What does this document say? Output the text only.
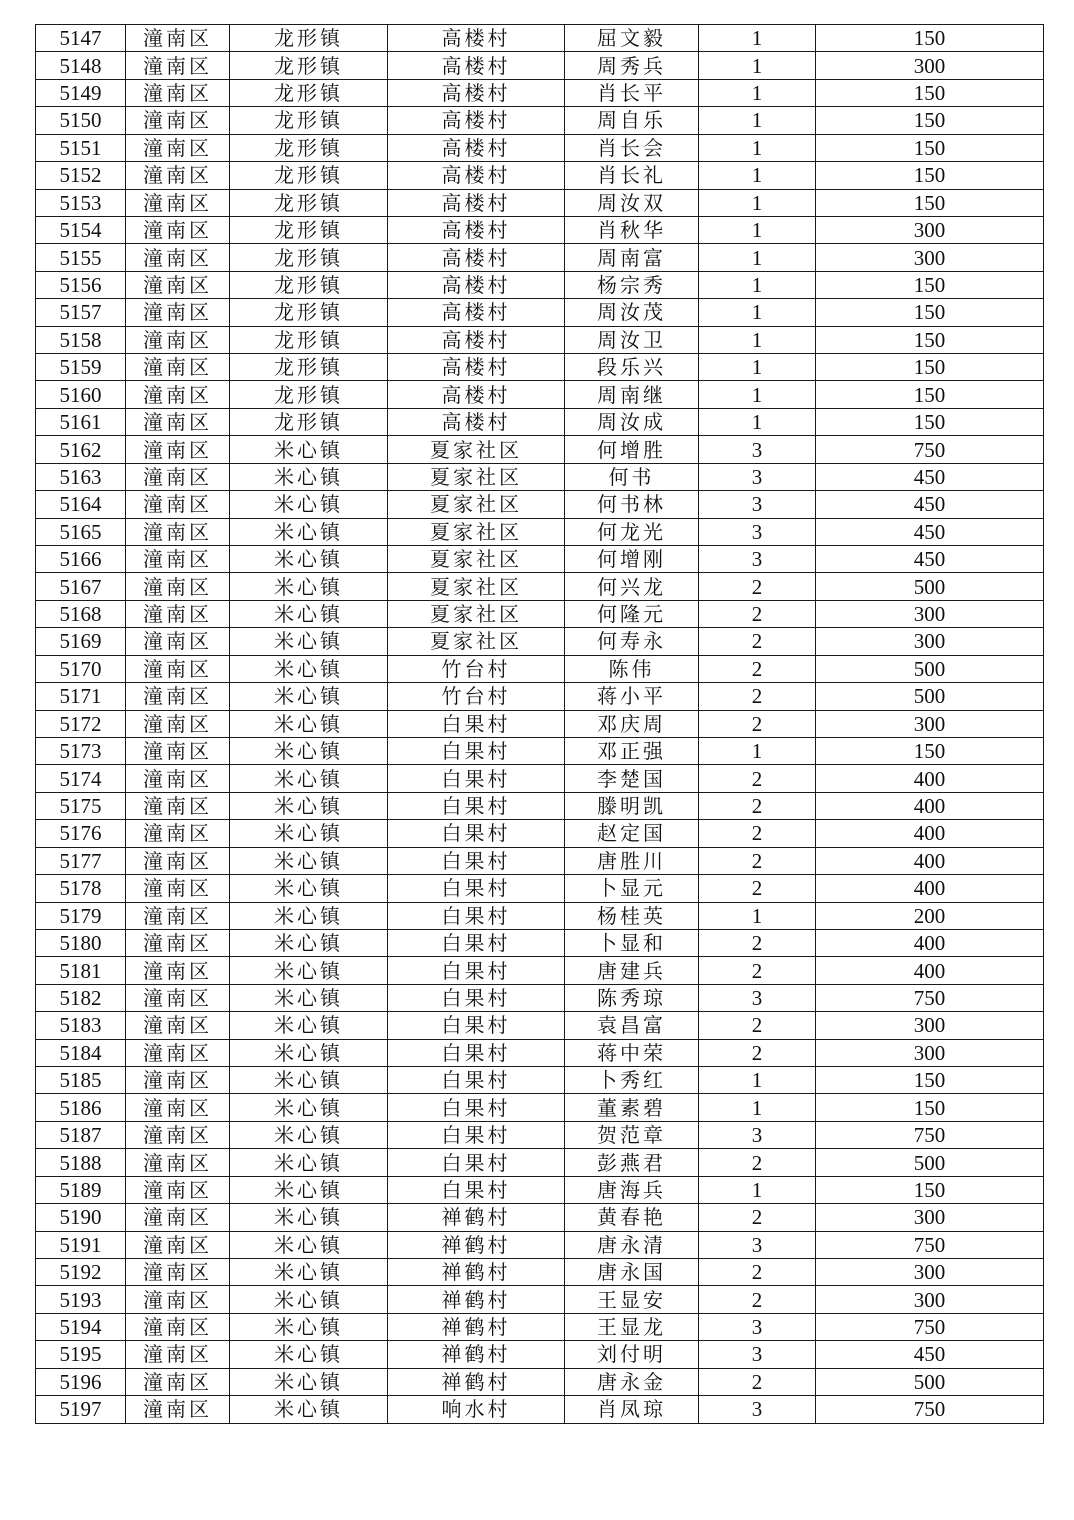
5147	潼南区	龙形镇	高楼村	屈文毅	1	150
5148	潼南区	龙形镇	高楼村	周秀兵	1	300
5149	潼南区	龙形镇	高楼村	肖长平	1	150
5150	潼南区	龙形镇	高楼村	周自乐	1	150
5151	潼南区	龙形镇	高楼村	肖长会	1	150
5152	潼南区	龙形镇	高楼村	肖长礼	1	150
5153	潼南区	龙形镇	高楼村	周汝双	1	150
5154	潼南区	龙形镇	高楼村	肖秋华	1	300
5155	潼南区	龙形镇	高楼村	周南富	1	300
5156	潼南区	龙形镇	高楼村	杨宗秀	1	150
5157	潼南区	龙形镇	高楼村	周汝茂	1	150
5158	潼南区	龙形镇	高楼村	周汝卫	1	150
5159	潼南区	龙形镇	高楼村	段乐兴	1	150
5160	潼南区	龙形镇	高楼村	周南继	1	150
5161	潼南区	龙形镇	高楼村	周汝成	1	150
5162	潼南区	米心镇	夏家社区	何增胜	3	750
5163	潼南区	米心镇	夏家社区	何书	3	450
5164	潼南区	米心镇	夏家社区	何书林	3	450
5165	潼南区	米心镇	夏家社区	何龙光	3	450
5166	潼南区	米心镇	夏家社区	何增刚	3	450
5167	潼南区	米心镇	夏家社区	何兴龙	2	500
5168	潼南区	米心镇	夏家社区	何隆元	2	300
5169	潼南区	米心镇	夏家社区	何寿永	2	300
5170	潼南区	米心镇	竹台村	陈伟	2	500
5171	潼南区	米心镇	竹台村	蒋小平	2	500
5172	潼南区	米心镇	白果村	邓庆周	2	300
5173	潼南区	米心镇	白果村	邓正强	1	150
5174	潼南区	米心镇	白果村	李楚国	2	400
5175	潼南区	米心镇	白果村	滕明凯	2	400
5176	潼南区	米心镇	白果村	赵定国	2	400
5177	潼南区	米心镇	白果村	唐胜川	2	400
5178	潼南区	米心镇	白果村	卜显元	2	400
5179	潼南区	米心镇	白果村	杨桂英	1	200
5180	潼南区	米心镇	白果村	卜显和	2	400
5181	潼南区	米心镇	白果村	唐建兵	2	400
5182	潼南区	米心镇	白果村	陈秀琼	3	750
5183	潼南区	米心镇	白果村	袁昌富	2	300
5184	潼南区	米心镇	白果村	蒋中荣	2	300
5185	潼南区	米心镇	白果村	卜秀红	1	150
5186	潼南区	米心镇	白果村	董素碧	1	150
5187	潼南区	米心镇	白果村	贺范章	3	750
5188	潼南区	米心镇	白果村	彭燕君	2	500
5189	潼南区	米心镇	白果村	唐海兵	1	150
5190	潼南区	米心镇	禅鹤村	黄春艳	2	300
5191	潼南区	米心镇	禅鹤村	唐永清	3	750
5192	潼南区	米心镇	禅鹤村	唐永国	2	300
5193	潼南区	米心镇	禅鹤村	王显安	2	300
5194	潼南区	米心镇	禅鹤村	王显龙	3	750
5195	潼南区	米心镇	禅鹤村	刘付明	3	450
5196	潼南区	米心镇	禅鹤村	唐永金	2	500
5197	潼南区	米心镇	响水村	肖凤琼	3	750
